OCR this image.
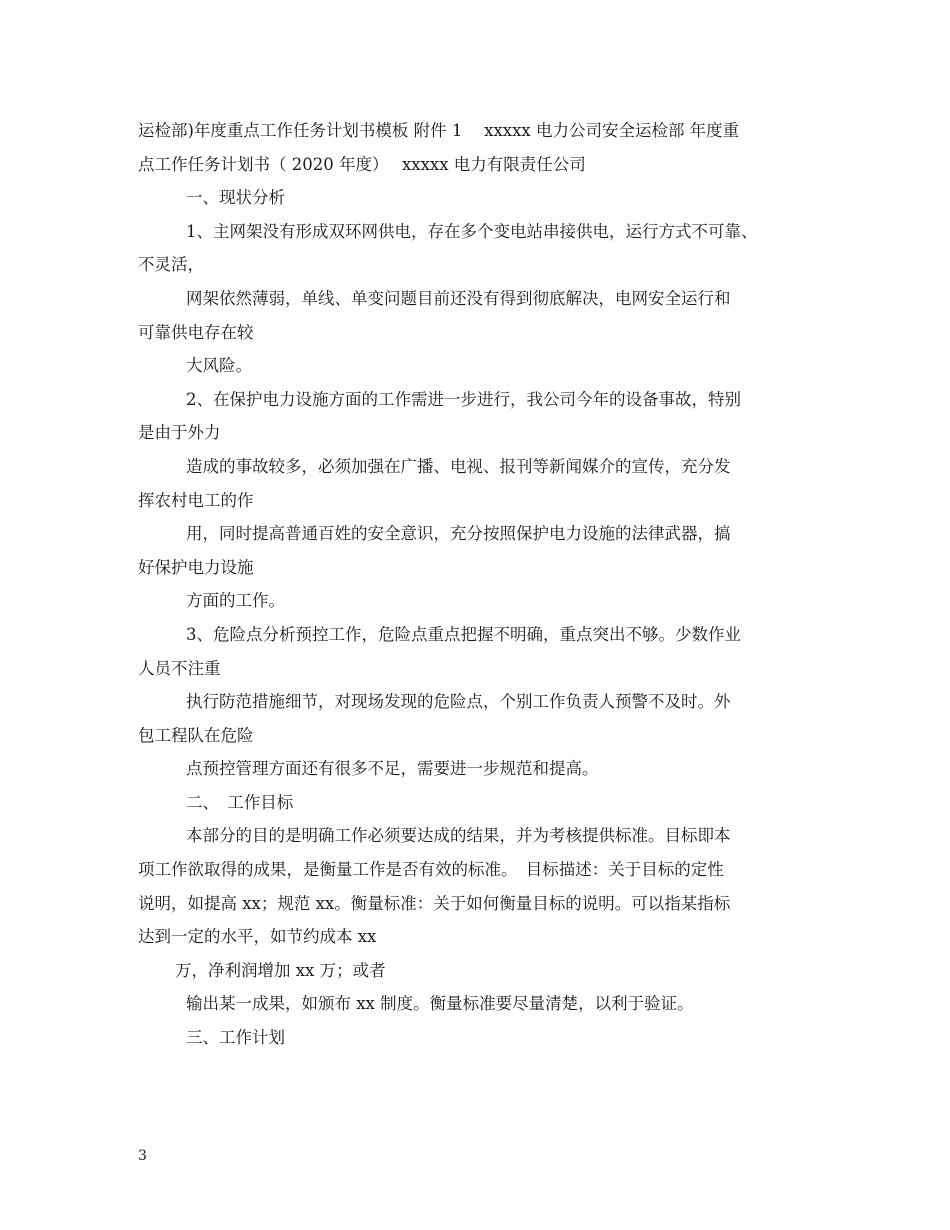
运检部)年度重点工作任务计划书模板 附件 1　 xxxxx 电力公司安全运检部 年度重

点工作任务计划书（ 2020 年度）　 xxxxx 电力有限责任公司

一、现状分析

1、主网架没有形成双环网供电，存在多个变电站串接供电，运行方式不可靠、

不灵活，

网架依然薄弱，单线、单变问题目前还没有得到彻底解决，电网安全运行和

可靠供电存在较

大风险。

2、在保护电力设施方面的工作需进一步进行，我公司今年的设备事故，特别

是由于外力

造成的事故较多，必须加强在广播、电视、报刊等新闻媒介的宣传，充分发

挥农村电工的作

用，同时提高普通百姓的安全意识，充分按照保护电力设施的法律武器，搞

好保护电力设施

方面的工作。

3、危险点分析预控工作，危险点重点把握不明确，重点突出不够。少数作业

人员不注重

执行防范措施细节，对现场发现的危险点，个别工作负责人预警不及时。外

包工程队在危险

点预控管理方面还有很多不足，需要进一步规范和提高。

二、　工作目标

本部分的目的是明确工作必须要达成的结果，并为考核提供标准。目标即本

项工作欲取得的成果，是衡量工作是否有效的标准。　目标描述：关于目标的定性

说明，如提高 xx；规范 xx。衡量标准：关于如何衡量目标的说明。可以指某指标

达到一定的水平，如节约成本 xx

万，净利润增加 xx 万；或者

输出某一成果，如颁布 xx 制度。衡量标准要尽量清楚，以利于验证。

三、工作计划

3
